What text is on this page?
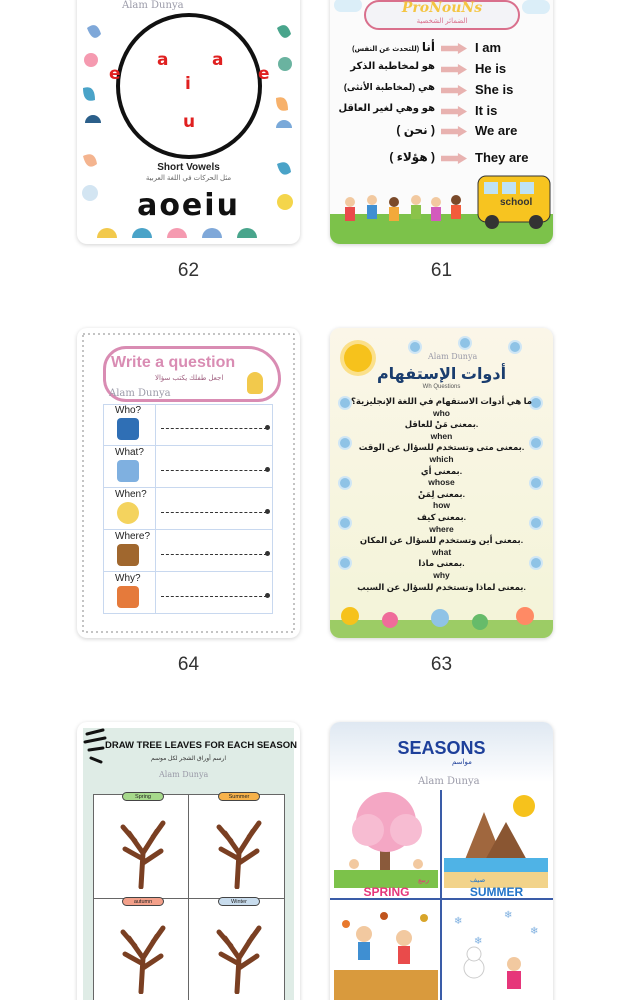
Alam Dunya
a	a
e	i	e
u
Short Vowels
مثل الحركات في اللغة العربية
aoeiu
62
ProNouNs
الضمائر الشخصية
(للتحدث عن النفس) أنا	I am
هو لمخاطبة الذكر	He is
(لمخاطبة الأنثى) هي	She is
هو وهي لغير العاقل	It is
( نحن )	We are
( هؤلاء )	They are
school
61
Write a question
اجعل طفلك يكتب سؤالا
Alam Dunya
Who?
What?
When?
Where?
Why?
64
أدوات الإستفهام
Wh Questions
Alam Dunya
ما هي أدوات الاستفهام في اللغة الإنجليزية؟
who
بمعنى مَنْ للعاقل.
when
بمعنى متى وتستخدم للسؤال عن الوقت.
which
بمعنى أي.
whose
بمعنى لِمَنْ.
how
بمعنى كيف.
where
بمعنى أين وتستخدم للسؤال عن المكان.
what
بمعنى ماذا.
why
بمعنى لماذا وتستخدم للسؤال عن السبب.
63
DRAW TREE LEAVES FOR EACH SEASON
ارسم أوراق الشجر لكل موسم
Alam Dunya
Spring	Summer
autumn	Winter
SEASONS
مواسم
Alam Dunya
SPRING
ربيع
SUMMER
صيف
❄
❄
❄
❄
